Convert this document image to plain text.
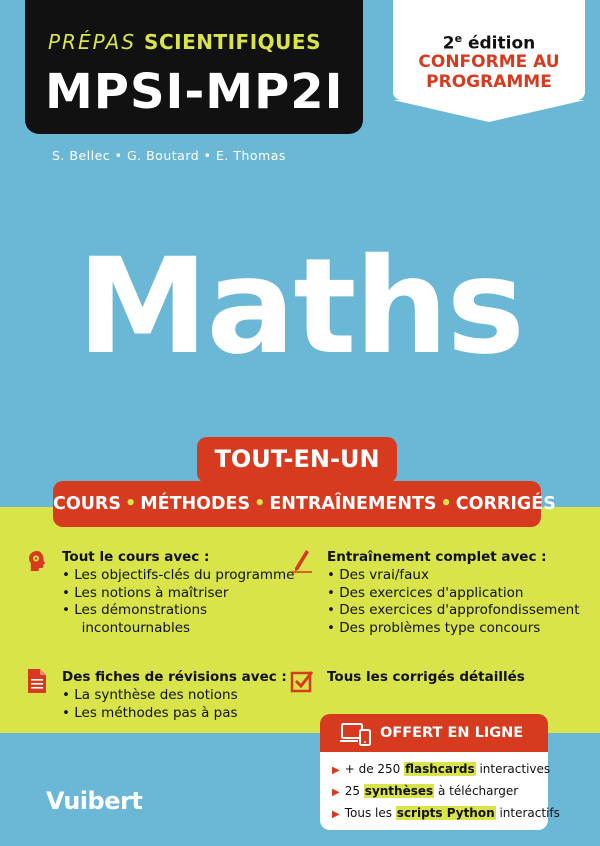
PRÉPAS SCIENTIFIQUES
MPSI-MP2I
2e édition
CONFORME AU
PROGRAMME
S. Bellec • G. Boutard • E. Thomas
Maths
TOUT-EN-UN
COURS • MÉTHODES • ENTRAÎNEMENTS • CORRIGÉS
Tout le cours avec :
• Les objectifs-clés du programme
• Les notions à maîtriser
• Les démonstrations
incontournables
Entraînement complet avec :
• Des vrai/faux
• Des exercices d'application
• Des exercices d'approfondissement
• Des problèmes type concours
Des fiches de révisions avec :
• La synthèse des notions
• Les méthodes pas à pas
Tous les corrigés détaillés
OFFERT EN LIGNE
▶ + de 250 flashcards interactives
▶ 25 synthèses à télécharger
▶ Tous les scripts Python interactifs
Vuibert
